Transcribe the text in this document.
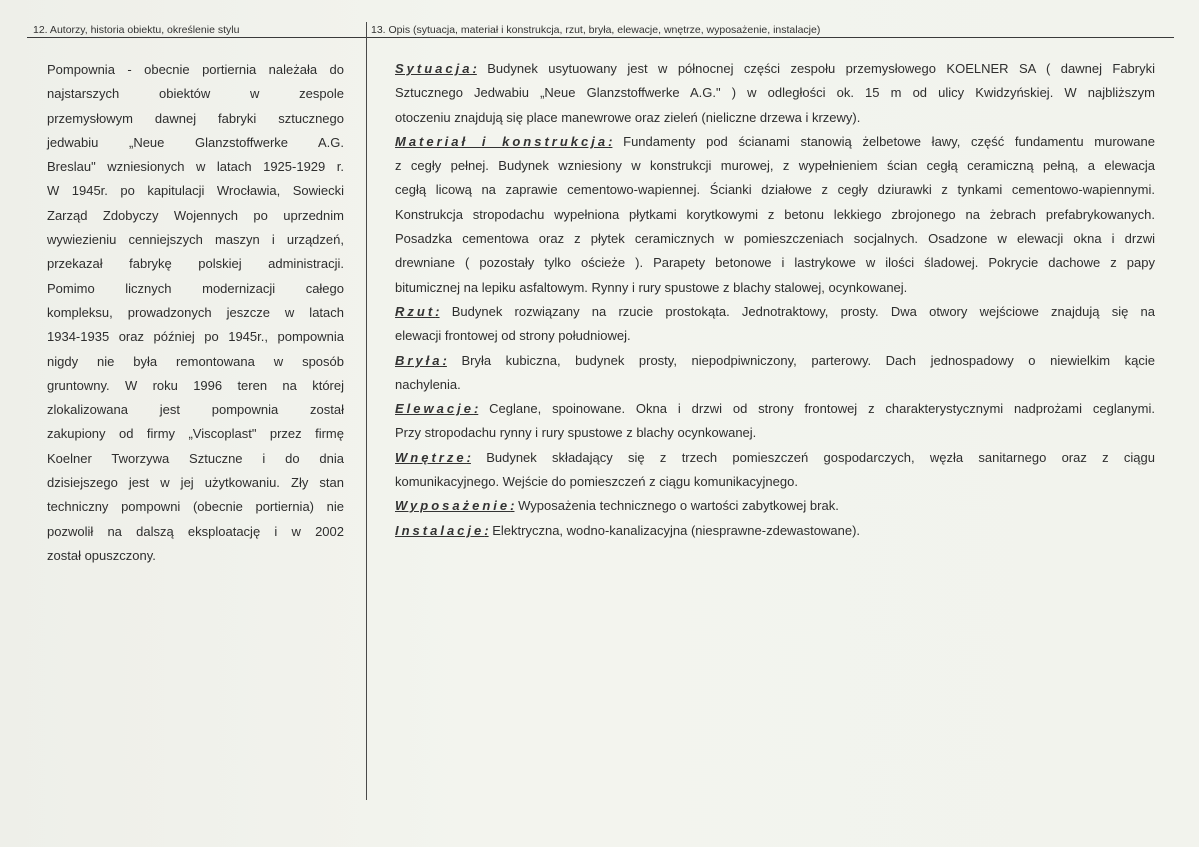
12. Autorzy, historia obiektu, określenie stylu	13. Opis (sytuacja, materiał i konstrukcja, rzut, bryła, elewacje, wnętrze, wyposażenie, instalacje)
Pompownia - obecnie portiernia należała do
najstarszych obiektów w zespole
przemysłowym dawnej fabryki sztucznego
jedwabiu „Neue Glanzstoffwerke A.G.
Breslau" wzniesionych w latach 1925-1929 r.
W 1945r. po kapitulacji Wrocławia, Sowiecki
Zarząd Zdobyczy Wojennych po uprzednim
wywiezieniu cenniejszych maszyn i urządzeń,
przekazał fabrykę polskiej administracji.
Pomimo licznych modernizacji całego
kompleksu, prowadzonych jeszcze w latach
1934-1935 oraz później po 1945r., pompownia
nigdy nie była remontowana w sposób
gruntowny. W roku 1996 teren na której
zlokalizowana jest pompownia został
zakupiony od firmy „Viscoplast" przez firmę
Koelner Tworzywa Sztuczne i do dnia
dzisiejszego jest w jej użytkowaniu. Zły stan
techniczny pompowni (obecnie portiernia) nie
pozwolił na dalszą eksploatację i w 2002
został opuszczony.
Sytuacja: Budynek usytuowany jest w północnej części zespołu przemysłowego KOELNER SA ( dawnej Fabryki
Sztucznego Jedwabiu „Neue Glanzstoffwerke A.G." ) w odległości ok. 15 m od ulicy Kwidzyńskiej. W najbliższym
otoczeniu znajdują się place manewrowe oraz zieleń (nieliczne drzewa i krzewy).
Materiał i konstrukcja: Fundamenty pod ścianami stanowią żelbetowe ławy, część fundamentu murowane
z cegły pełnej. Budynek wzniesiony w konstrukcji murowej, z wypełnieniem ścian cegłą ceramiczną pełną, a elewacja
cegłą licową na zaprawie cementowo-wapiennej. Ścianki działowe z cegły dziurawki z tynkami cementowo-wapiennymi.
Konstrukcja stropodachu wypełniona płytkami korytkowymi z betonu lekkiego zbrojonego na żebrach prefabrykowanych.
Posadzka cementowa oraz z płytek ceramicznych w pomieszczeniach socjalnych. Osadzone w elewacji okna i drzwi
drewniane ( pozostały tylko ościeże ). Parapety betonowe i lastrykowe w ilości śladowej. Pokrycie dachowe z papy
bitumicznej na lepiku asfaltowym. Rynny i rury spustowe z blachy stalowej, ocynkowanej.
Rzut: Budynek rozwiązany na rzucie prostokąta. Jednotraktowy, prosty. Dwa otwory wejściowe znajdują się na
elewacji frontowej od strony południowej.
Bryła: Bryła kubiczna, budynek prosty, niepodpiwniczony, parterowy. Dach jednospadowy o niewielkim kącie
nachylenia.
Elewacje: Ceglane, spoinowane. Okna i drzwi od strony frontowej z charakterystycznymi nadprożami ceglanymi.
Przy stropodachu rynny i rury spustowe z blachy ocynkowanej.
Wnętrze: Budynek składający się z trzech pomieszczeń gospodarczych, węzła sanitarnego oraz z ciągu
komunikacyjnego. Wejście do pomieszczeń z ciągu komunikacyjnego.
Wyposażenie: Wyposażenia technicznego o wartości zabytkowej brak.
Instalacje: Elektryczna, wodno-kanalizacyjna (niesprawne-zdewastowane).
